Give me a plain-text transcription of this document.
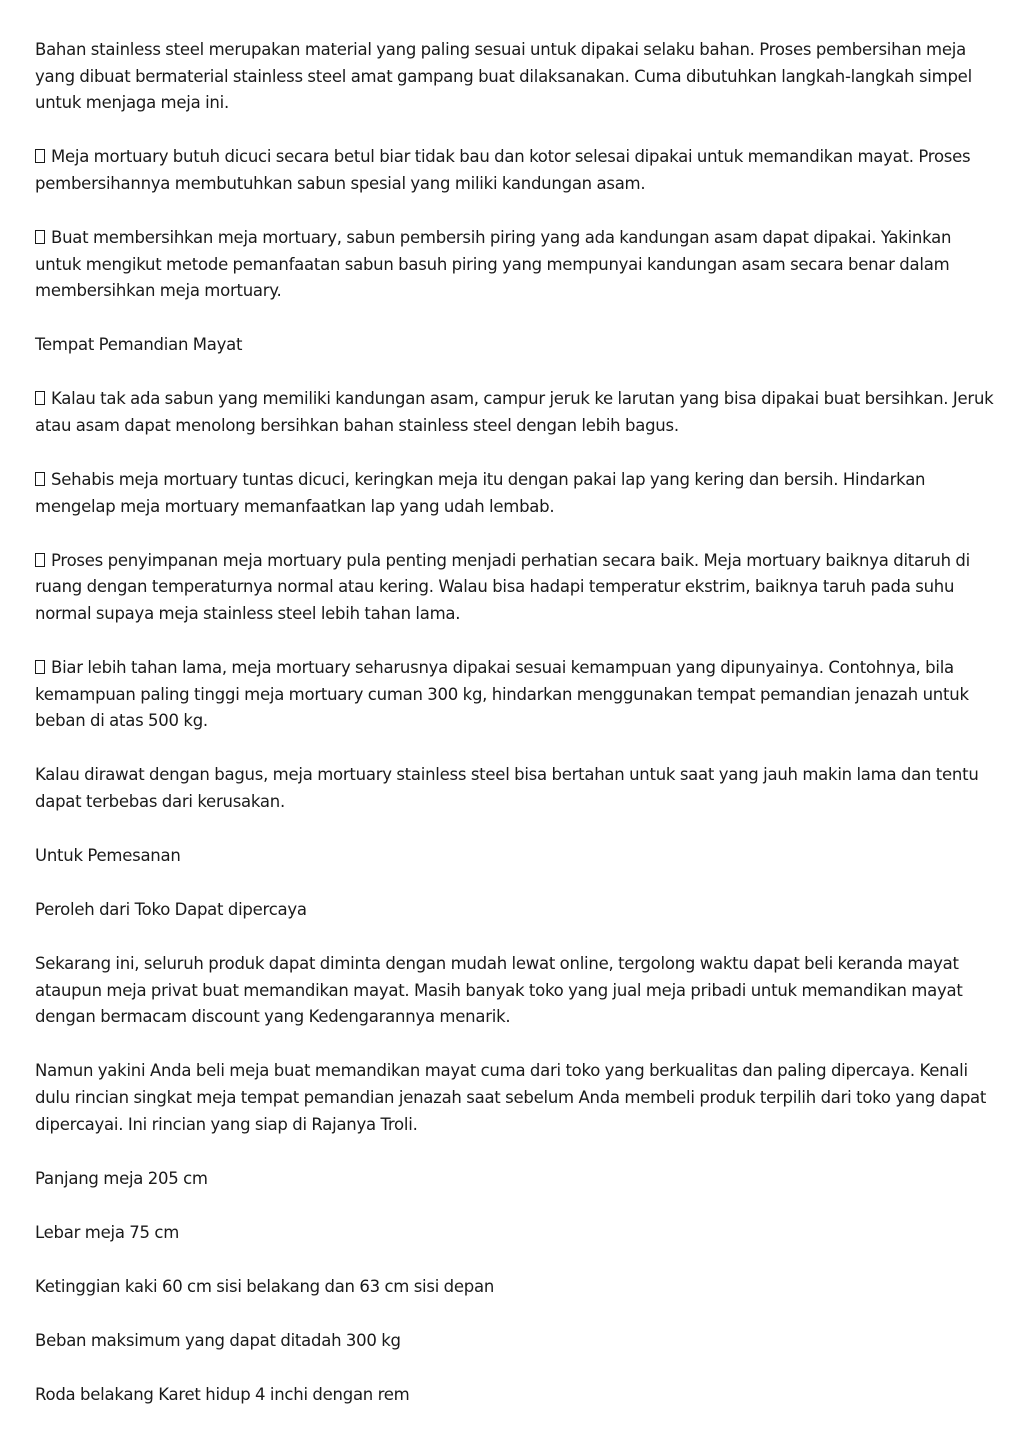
Bahan stainless steel merupakan material yang paling sesuai untuk dipakai selaku bahan. Proses pembersihan meja yang dibuat bermaterial stainless steel amat gampang buat dilaksanakan. Cuma dibutuhkan langkah-langkah simpel untuk menjaga meja ini.

Meja mortuary butuh dicuci secara betul biar tidak bau dan kotor selesai dipakai untuk memandikan mayat. Proses pembersihannya membutuhkan sabun spesial yang miliki kandungan asam.

Buat membersihkan meja mortuary, sabun pembersih piring yang ada kandungan asam dapat dipakai. Yakinkan untuk mengikut metode pemanfaatan sabun basuh piring yang mempunyai kandungan asam secara benar dalam membersihkan meja mortuary.

Tempat Pemandian Mayat

Kalau tak ada sabun yang memiliki kandungan asam, campur jeruk ke larutan yang bisa dipakai buat bersihkan. Jeruk atau asam dapat menolong bersihkan bahan stainless steel dengan lebih bagus.

Sehabis meja mortuary tuntas dicuci, keringkan meja itu dengan pakai lap yang kering dan bersih. Hindarkan mengelap meja mortuary memanfaatkan lap yang udah lembab.

Proses penyimpanan meja mortuary pula penting menjadi perhatian secara baik. Meja mortuary baiknya ditaruh di ruang dengan temperaturnya normal atau kering. Walau bisa hadapi temperatur ekstrim, baiknya taruh pada suhu normal supaya meja stainless steel lebih tahan lama.

Biar lebih tahan lama, meja mortuary seharusnya dipakai sesuai kemampuan yang dipunyainya. Contohnya, bila kemampuan paling tinggi meja mortuary cuman 300 kg, hindarkan menggunakan tempat pemandian jenazah untuk beban di atas 500 kg.

Kalau dirawat dengan bagus, meja mortuary stainless steel bisa bertahan untuk saat yang jauh makin lama dan tentu dapat terbebas dari kerusakan.

Untuk Pemesanan

Peroleh dari Toko Dapat dipercaya

Sekarang ini, seluruh produk dapat diminta dengan mudah lewat online, tergolong waktu dapat beli keranda mayat ataupun meja privat buat memandikan mayat. Masih banyak toko yang jual meja pribadi untuk memandikan mayat dengan bermacam discount yang Kedengarannya menarik.

Namun yakini Anda beli meja buat memandikan mayat cuma dari toko yang berkualitas dan paling dipercaya. Kenali dulu rincian singkat meja tempat pemandian jenazah saat sebelum Anda membeli produk terpilih dari toko yang dapat dipercayai. Ini rincian yang siap di Rajanya Troli.

Panjang meja 205 cm

Lebar meja 75 cm

Ketinggian kaki 60 cm sisi belakang dan 63 cm sisi depan

Beban maksimum yang dapat ditadah 300 kg

Roda belakang Karet hidup 4 inchi dengan rem
